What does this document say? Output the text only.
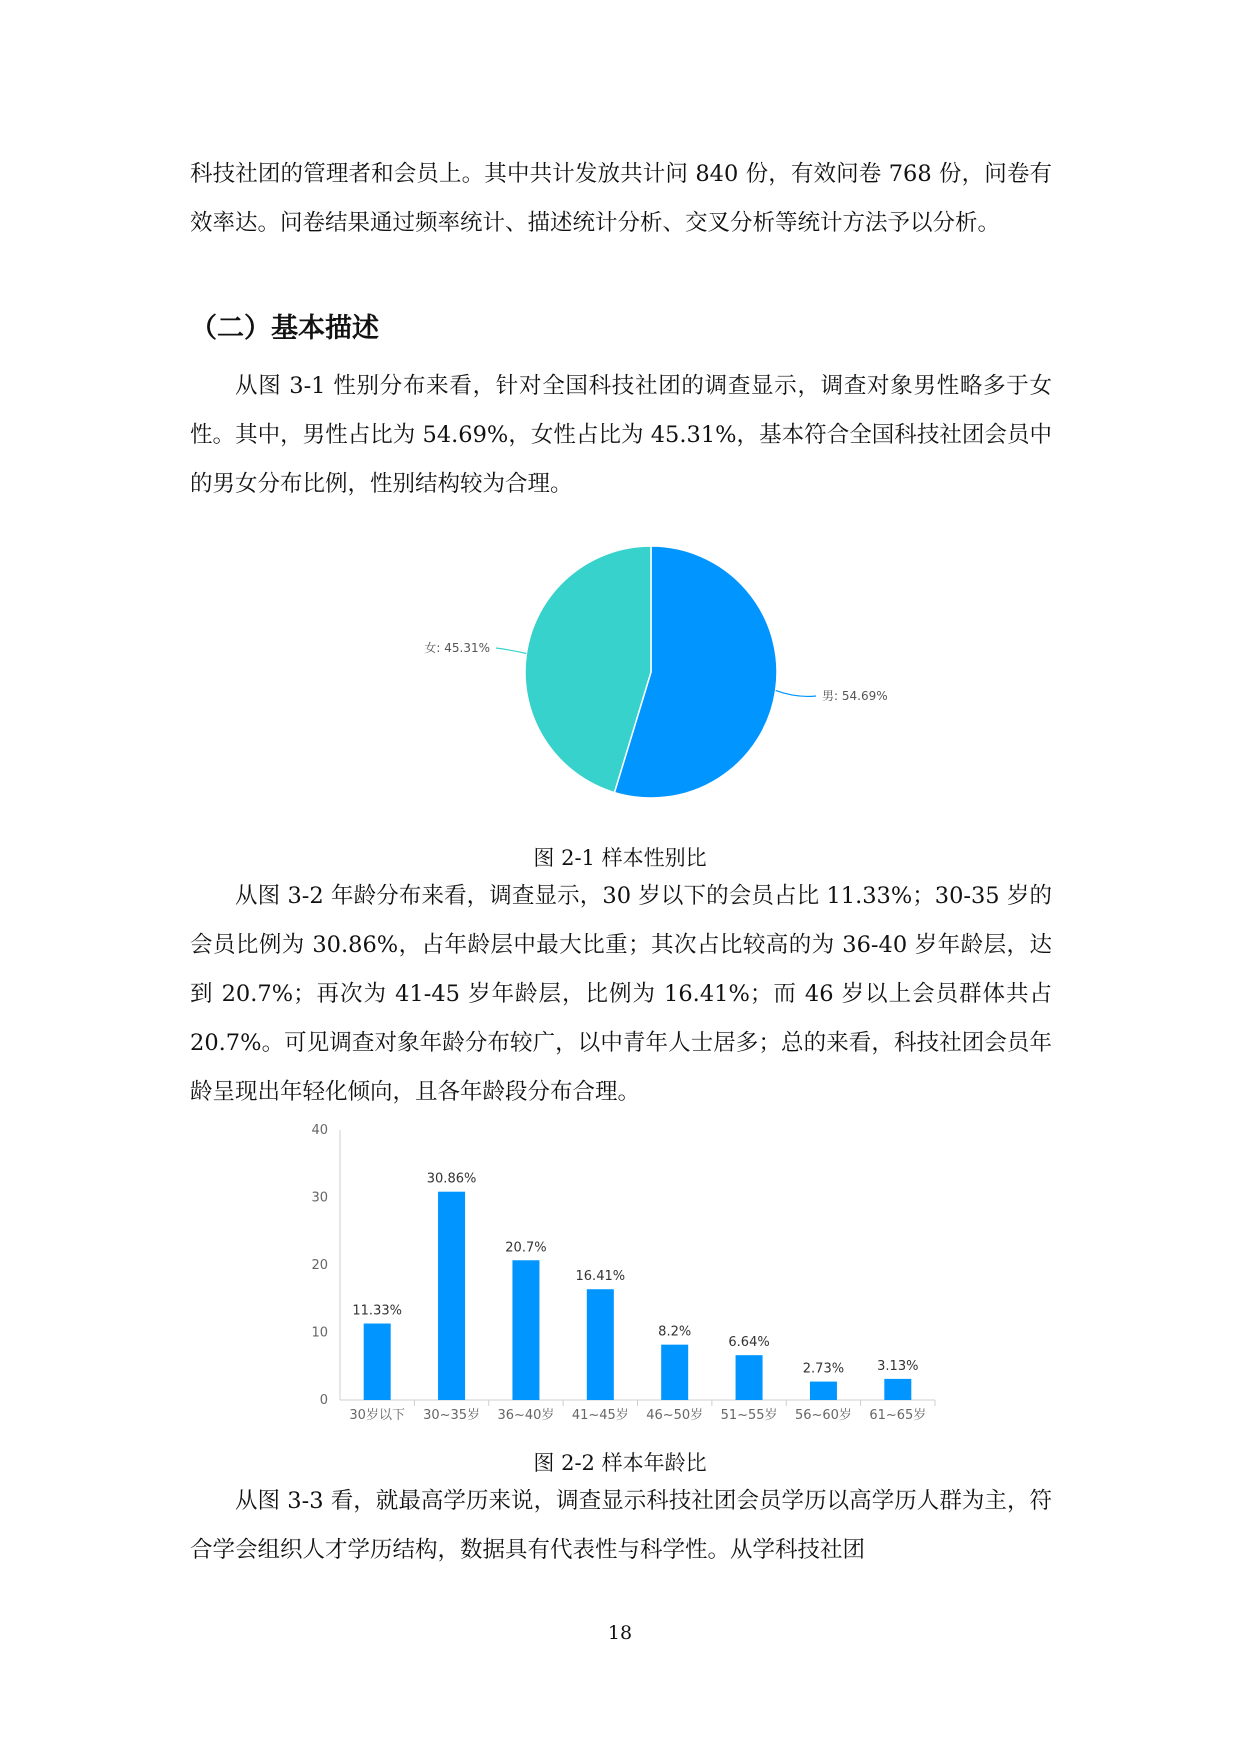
科技社团的管理者和会员上。其中共计发放共计问 840 份，有效问卷 768 份，问卷有效率达。问卷结果通过频率统计、描述统计分析、交叉分析等统计方法予以分析。
（二）基本描述
从图 3-1 性别分布来看，针对全国科技社团的调查显示，调查对象男性略多于女性。其中，男性占比为 54.69%，女性占比为 45.31%，基本符合全国科技社团会员中的男女分布比例，性别结构较为合理。
男: 54.69%
女: 45.31%
图 2-1 样本性别比
从图 3-2 年龄分布来看，调查显示，30 岁以下的会员占比 11.33%；30-35 岁的会员比例为 30.86%，占年龄层中最大比重；其次占比较高的为 36-40 岁年龄层，达到 20.7%；再次为 41-45 岁年龄层，比例为 16.41%；而 46 岁以上会员群体共占 20.7%。可见调查对象年龄分布较广，以中青年人士居多；总的来看，科技社团会员年龄呈现出年轻化倾向，且各年龄段分布合理。
0
10
20
30
40
11.33%
30岁以下
30.86%
30~35岁
20.7%
36~40岁
16.41%
41~45岁
8.2%
46~50岁
6.64%
51~55岁
2.73%
56~60岁
3.13%
61~65岁
图 2-2 样本年龄比
从图 3-3 看，就最高学历来说，调查显示科技社团会员学历以高学历人群为主，符合学会组织人才学历结构，数据具有代表性与科学性。从学科技社团
18
